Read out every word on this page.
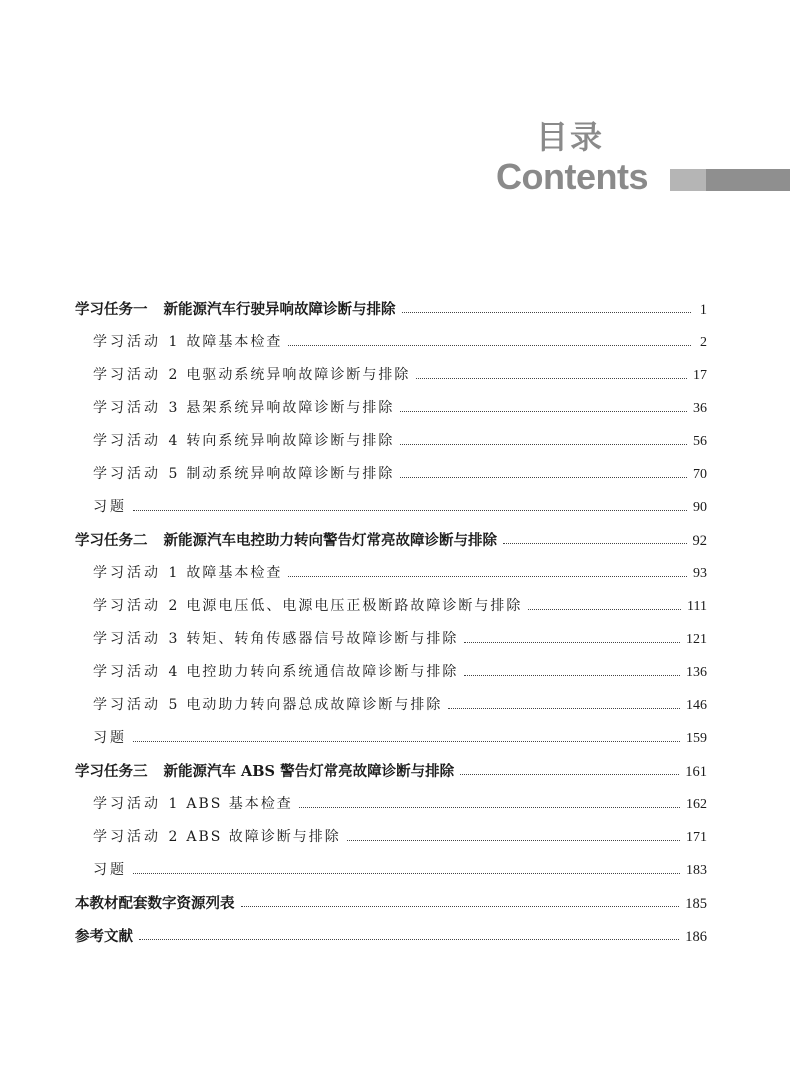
目录
Contents
学习任务一 新能源汽车行驶异响故障诊断与排除	1
学习活动 1 故障基本检查	2
学习活动 2 电驱动系统异响故障诊断与排除	17
学习活动 3 悬架系统异响故障诊断与排除	36
学习活动 4 转向系统异响故障诊断与排除	56
学习活动 5 制动系统异响故障诊断与排除	70
习题	90
学习任务二 新能源汽车电控助力转向警告灯常亮故障诊断与排除	92
学习活动 1 故障基本检查	93
学习活动 2 电源电压低、电源电压正极断路故障诊断与排除	111
学习活动 3 转矩、转角传感器信号故障诊断与排除	121
学习活动 4 电控助力转向系统通信故障诊断与排除	136
学习活动 5 电动助力转向器总成故障诊断与排除	146
习题	159
学习任务三 新能源汽车 ABS 警告灯常亮故障诊断与排除	161
学习活动 1 ABS 基本检查	162
学习活动 2 ABS 故障诊断与排除	171
习题	183
本教材配套数字资源列表	185
参考文献	186
